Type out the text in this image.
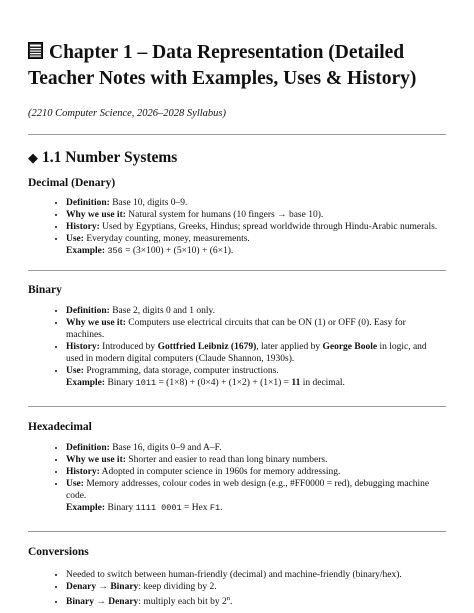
Chapter 1 – Data Representation (Detailed Teacher Notes with Examples, Uses & History)

(2210 Computer Science, 2026–2028 Syllabus)

◆ 1.1 Number Systems
Decimal (Denary)
• Definition: Base 10, digits 0–9.
• Why we use it: Natural system for humans (10 fingers → base 10).
• History: Used by Egyptians, Greeks, Hindus; spread worldwide through Hindu-Arabic numerals.
• Use: Everyday counting, money, measurements.
Example: 356 = (3×100) + (5×10) + (6×1).
Binary
• Definition: Base 2, digits 0 and 1 only.
• Why we use it: Computers use electrical circuits that can be ON (1) or OFF (0). Easy for machines.
• History: Introduced by Gottfried Leibniz (1679), later applied by George Boole in logic, and used in modern digital computers (Claude Shannon, 1930s).
• Use: Programming, data storage, computer instructions.
Example: Binary 1011 = (1×8) + (0×4) + (1×2) + (1×1) = 11 in decimal.
Hexadecimal
• Definition: Base 16, digits 0–9 and A–F.
• Why we use it: Shorter and easier to read than long binary numbers.
• History: Adopted in computer science in 1960s for memory addressing.
• Use: Memory addresses, colour codes in web design (e.g., #FF0000 = red), debugging machine code.
Example: Binary 1111 0001 = Hex F1.
Conversions
• Needed to switch between human-friendly (decimal) and machine-friendly (binary/hex).
• Denary → Binary: keep dividing by 2.
• Binary → Denary: multiply each bit by 2$^n$.
